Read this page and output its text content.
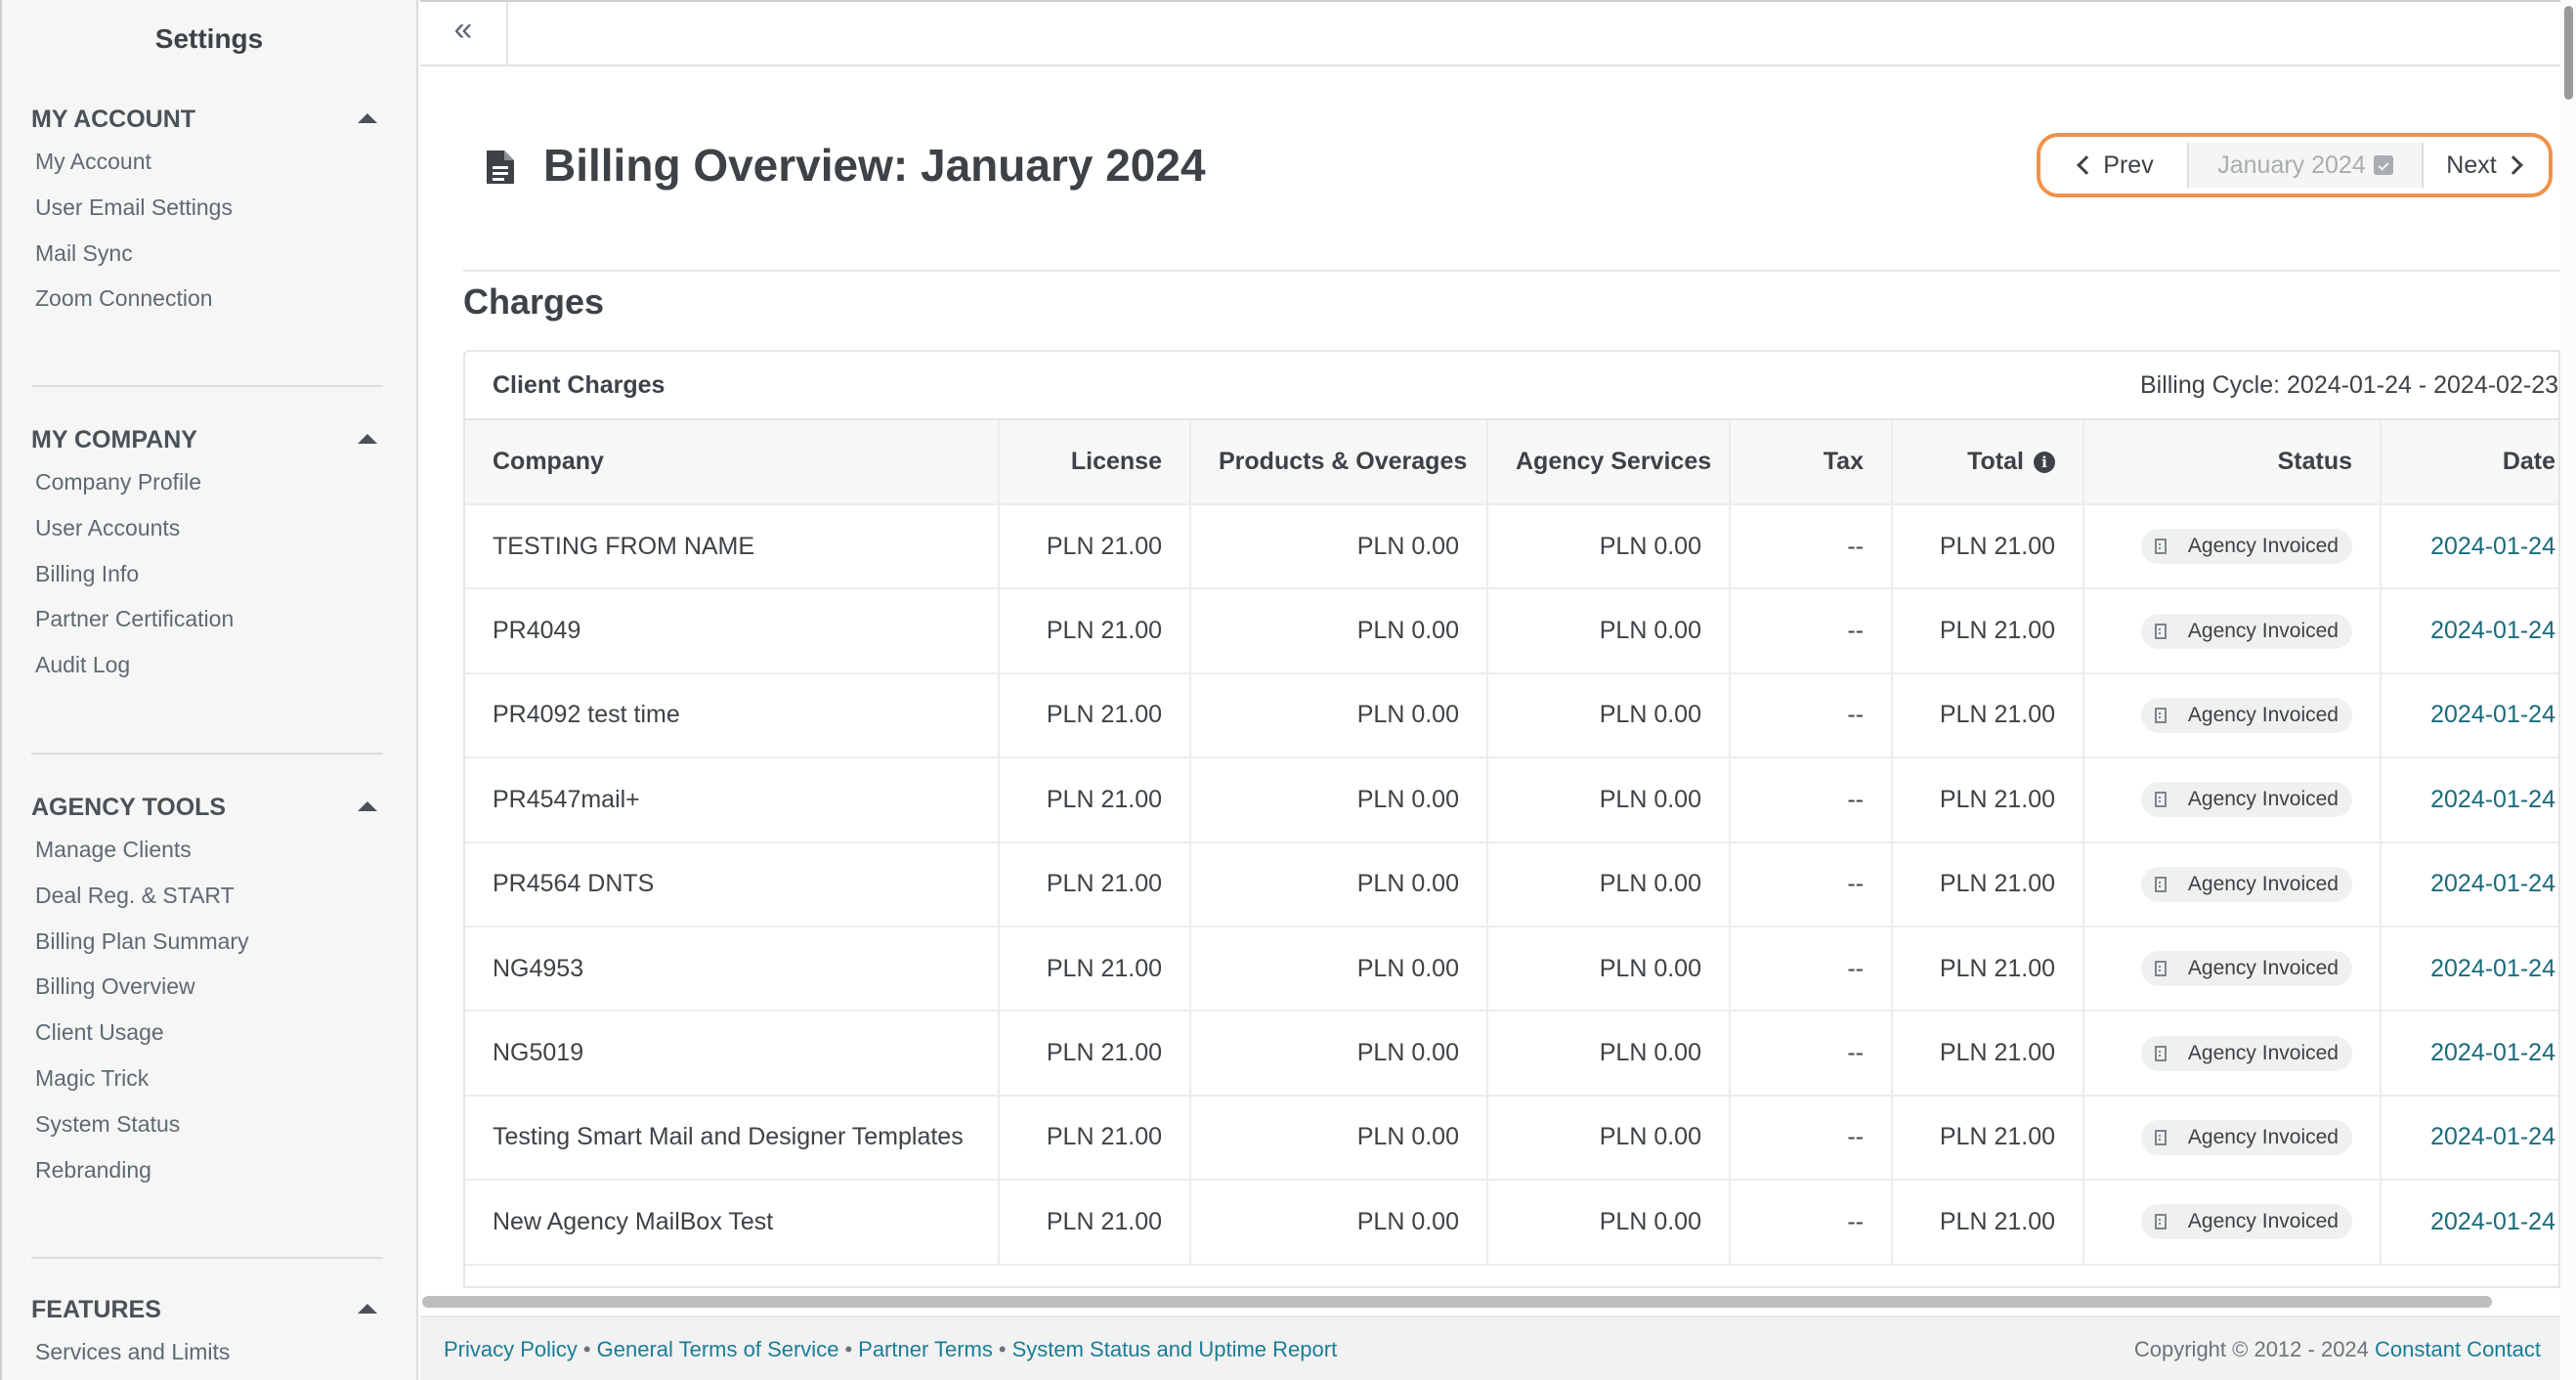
Settings
MY ACCOUNT
My Account
User Email Settings
Mail Sync
Zoom Connection
MY COMPANY
Company Profile
User Accounts
Billing Info
Partner Certification
Audit Log
AGENCY TOOLS
Manage Clients
Deal Reg. & START
Billing Plan Summary
Billing Overview
Client Usage
Magic Trick
System Status
Rebranding
FEATURES
Services and Limits
«
Billing Overview: January 2024	Prev	January 2024	Next
Charges
Client Charges	Billing Cycle: 2024-01-24 - 2024-02-23
Company	License	Products & Overages	Agency Services	Tax	Total i	Status	Date
TESTING FROM NAME	PLN 21.00	PLN 0.00	PLN 0.00	--	PLN 21.00	Agency Invoiced	2024-01-24
PR4049	PLN 21.00	PLN 0.00	PLN 0.00	--	PLN 21.00	Agency Invoiced	2024-01-24
PR4092 test time	PLN 21.00	PLN 0.00	PLN 0.00	--	PLN 21.00	Agency Invoiced	2024-01-24
PR4547mail+	PLN 21.00	PLN 0.00	PLN 0.00	--	PLN 21.00	Agency Invoiced	2024-01-24
PR4564 DNTS	PLN 21.00	PLN 0.00	PLN 0.00	--	PLN 21.00	Agency Invoiced	2024-01-24
NG4953	PLN 21.00	PLN 0.00	PLN 0.00	--	PLN 21.00	Agency Invoiced	2024-01-24
NG5019	PLN 21.00	PLN 0.00	PLN 0.00	--	PLN 21.00	Agency Invoiced	2024-01-24
Testing Smart Mail and Designer Templates	PLN 21.00	PLN 0.00	PLN 0.00	--	PLN 21.00	Agency Invoiced	2024-01-24
New Agency MailBox Test	PLN 21.00	PLN 0.00	PLN 0.00	--	PLN 21.00	Agency Invoiced	2024-01-24
Privacy Policy • General Terms of Service • Partner Terms • System Status and Uptime Report	Copyright © 2012 - 2024 Constant Contact
